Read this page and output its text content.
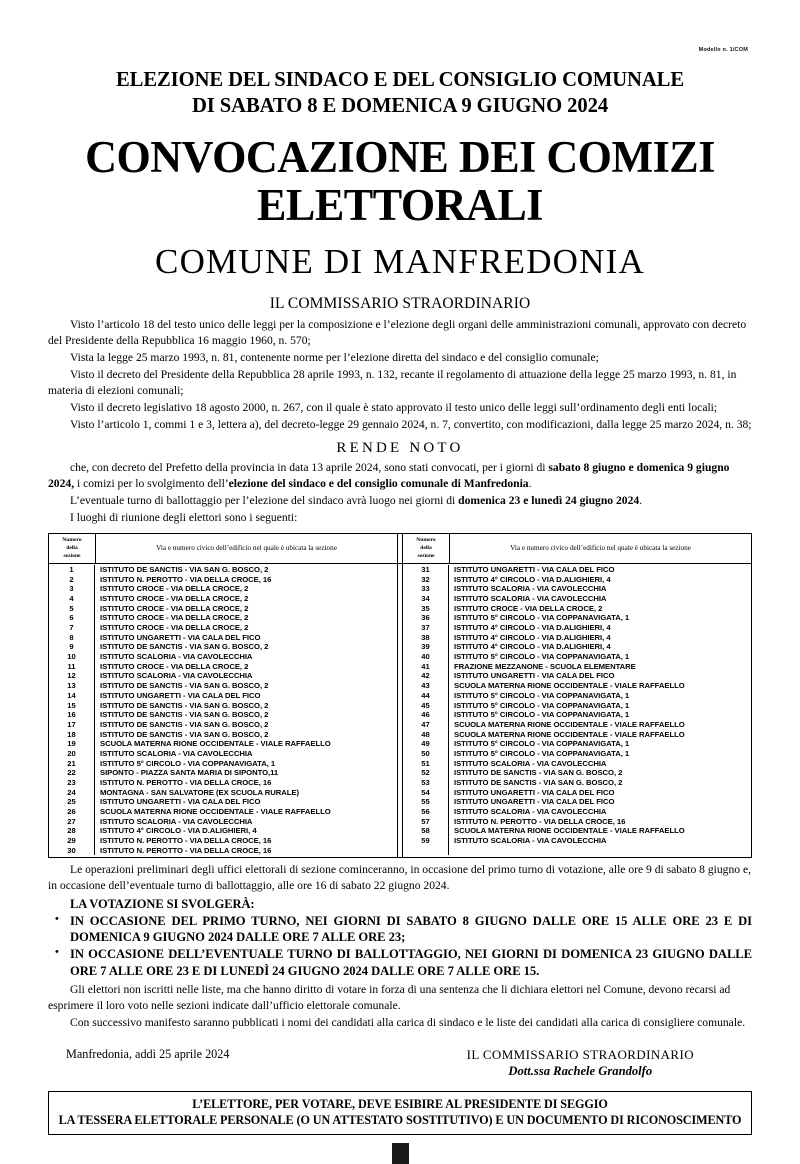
Modello n. 1/COM
ELEZIONE DEL SINDACO E DEL CONSIGLIO COMUNALE
DI SABATO 8 E DOMENICA 9 GIUGNO 2024
CONVOCAZIONE DEI COMIZI ELETTORALI
COMUNE DI MANFREDONIA
IL COMMISSARIO STRAORDINARIO

Visto l’articolo 18 del testo unico delle leggi per la composizione e l’elezione degli organi delle amministrazioni comunali, approvato con decreto del Presidente della Repubblica 16 maggio 1960, n. 570;

Vista la legge 25 marzo 1993, n. 81, contenente norme per l’elezione diretta del sindaco e del consiglio comunale;

Visto il decreto del Presidente della Repubblica 28 aprile 1993, n. 132, recante il regolamento di attuazione della legge 25 marzo 1993, n. 81, in materia di elezioni comunali;

Visto il decreto legislativo 18 agosto 2000, n. 267, con il quale è stato approvato il testo unico delle leggi sull’ordinamento degli enti locali;

Visto l’articolo 1, commi 1 e 3, lettera a), del decreto-legge 29 gennaio 2024, n. 7, convertito, con modificazioni, dalla legge 25 marzo 2024, n. 38;

RENDE NOTO

che, con decreto del Prefetto della provincia in data 13 aprile 2024, sono stati convocati, per i giorni di sabato 8 giugno e domenica 9 giugno 2024, i comizi per lo svolgimento dell’elezione del sindaco e del consiglio comunale di Manfredonia.

L’eventuale turno di ballottaggio per l’elezione del sindaco avrà luogo nei giorni di domenica 23 e lunedì 24 giugno 2024.

I luoghi di riunione degli elettori sono i seguenti:

Numero
della
sezione
	Via e numero civico dell’edificio nel quale è ubicata la sezione		
Numero
della
sezione
	Via e numero civico dell’edificio nel quale è ubicata la sezione

1	ISTITUTO DE SANCTIS - VIA SAN G. BOSCO, 2
2	ISTITUTO N. PEROTTO - VIA DELLA CROCE, 16
3	ISTITUTO CROCE - VIA DELLA CROCE, 2
4	ISTITUTO CROCE - VIA DELLA CROCE, 2
5	ISTITUTO CROCE - VIA DELLA CROCE, 2
6	ISTITUTO CROCE - VIA DELLA CROCE, 2
7	ISTITUTO CROCE - VIA DELLA CROCE, 2
8	ISTITUTO UNGARETTI - VIA CALA DEL FICO
9	ISTITUTO DE SANCTIS - VIA SAN G. BOSCO, 2
10	ISTITUTO SCALORIA - VIA CAVOLECCHIA
11	ISTITUTO CROCE - VIA DELLA CROCE, 2
12	ISTITUTO SCALORIA - VIA CAVOLECCHIA
13	ISTITUTO DE SANCTIS - VIA SAN G. BOSCO, 2
14	ISTITUTO UNGARETTI - VIA CALA DEL FICO
15	ISTITUTO DE SANCTIS - VIA SAN G. BOSCO, 2
16	ISTITUTO DE SANCTIS - VIA SAN G. BOSCO, 2
17	ISTITUTO DE SANCTIS - VIA SAN G. BOSCO, 2
18	ISTITUTO DE SANCTIS - VIA SAN G. BOSCO, 2
19	SCUOLA MATERNA RIONE OCCIDENTALE - VIALE RAFFAELLO
20	ISTITUTO SCALORIA - VIA CAVOLECCHIA
21	ISTITUTO 5° CIRCOLO - VIA COPPANAVIGATA, 1
22	SIPONTO - PIAZZA SANTA MARIA DI SIPONTO,11
23	ISTITUTO N. PEROTTO - VIA DELLA CROCE, 16
24	MONTAGNA - SAN SALVATORE (EX SCUOLA RURALE)
25	ISTITUTO UNGARETTI - VIA CALA DEL FICO
26	SCUOLA MATERNA RIONE OCCIDENTALE - VIALE RAFFAELLO
27	ISTITUTO SCALORIA - VIA CAVOLECCHIA
28	ISTITUTO 4° CIRCOLO - VIA D.ALIGHIERI, 4
29	ISTITUTO N. PEROTTO - VIA DELLA CROCE, 16
30	ISTITUTO N. PEROTTO - VIA DELLA CROCE, 16

31	ISTITUTO UNGARETTI - VIA CALA DEL FICO
32	ISTITUTO 4° CIRCOLO - VIA D.ALIGHIERI, 4
33	ISTITUTO SCALORIA - VIA CAVOLECCHIA
34	ISTITUTO SCALORIA - VIA CAVOLECCHIA
35	ISTITUTO CROCE - VIA DELLA CROCE, 2
36	ISTITUTO 5° CIRCOLO - VIA COPPANAVIGATA, 1
37	ISTITUTO 4° CIRCOLO - VIA D.ALIGHIERI, 4
38	ISTITUTO 4° CIRCOLO - VIA D.ALIGHIERI, 4
39	ISTITUTO 4° CIRCOLO - VIA D.ALIGHIERI, 4
40	ISTITUTO 5° CIRCOLO - VIA COPPANAVIGATA, 1
41	FRAZIONE MEZZANONE - SCUOLA ELEMENTARE
42	ISTITUTO UNGARETTI - VIA CALA DEL FICO
43	SCUOLA MATERNA RIONE OCCIDENTALE - VIALE RAFFAELLO
44	ISTITUTO 5° CIRCOLO - VIA COPPANAVIGATA, 1
45	ISTITUTO 5° CIRCOLO - VIA COPPANAVIGATA, 1
46	ISTITUTO 5° CIRCOLO - VIA COPPANAVIGATA, 1
47	SCUOLA MATERNA RIONE OCCIDENTALE - VIALE RAFFAELLO
48	SCUOLA MATERNA RIONE OCCIDENTALE - VIALE RAFFAELLO
49	ISTITUTO 5° CIRCOLO - VIA COPPANAVIGATA, 1
50	ISTITUTO 5° CIRCOLO - VIA COPPANAVIGATA, 1
51	ISTITUTO SCALORIA - VIA CAVOLECCHIA
52	ISTITUTO DE SANCTIS - VIA SAN G. BOSCO, 2
53	ISTITUTO DE SANCTIS - VIA SAN G. BOSCO, 2
54	ISTITUTO UNGARETTI - VIA CALA DEL FICO
55	ISTITUTO UNGARETTI - VIA CALA DEL FICO
56	ISTITUTO SCALORIA - VIA CAVOLECCHIA
57	ISTITUTO N. PEROTTO - VIA DELLA CROCE, 16
58	SCUOLA MATERNA RIONE OCCIDENTALE - VIALE RAFFAELLO
59	ISTITUTO SCALORIA - VIA CAVOLECCHIA

Le operazioni preliminari degli uffici elettorali di sezione cominceranno, in occasione del primo turno di votazione, alle ore 9 di sabato 8 giugno e, in occasione dell’eventuale turno di ballottaggio, alle ore 16 di sabato 22 giugno 2024.

LA VOTAZIONE SI SVOLGERÀ:
• IN OCCASIONE DEL PRIMO TURNO, NEI GIORNI DI SABATO 8 GIUGNO DALLE ORE 15 ALLE ORE 23 E DI DOMENICA 9 GIUGNO 2024 DALLE ORE 7 ALLE ORE 23;
• IN OCCASIONE DELL’EVENTUALE TURNO DI BALLOTTAGGIO, NEI GIORNI DI DOMENICA 23 GIUGNO DALLE ORE 7 ALLE ORE 23 E DI LUNEDÌ 24 GIUGNO 2024 DALLE ORE 7 ALLE ORE 15.

Gli elettori non iscritti nelle liste, ma che hanno diritto di votare in forza di una sentenza che li dichiara elettori nel Comune, devono recarsi ad esprimere il loro voto nelle sezioni indicate dall’ufficio elettorale comunale.

Con successivo manifesto saranno pubblicati i nomi dei candidati alla carica di sindaco e le liste dei candidati alla carica di consigliere comunale.

Manfredonia, addì 25 aprile 2024	IL COMMISSARIO STRAORDINARIO
Dott.ssa Rachele Grandolfo
L’ELETTORE, PER VOTARE, DEVE ESIBIRE AL PRESIDENTE DI SEGGIO
LA TESSERA ELETTORALE PERSONALE (O UN ATTESTATO SOSTITUTIVO) E UN DOCUMENTO DI RICONOSCIMENTO
